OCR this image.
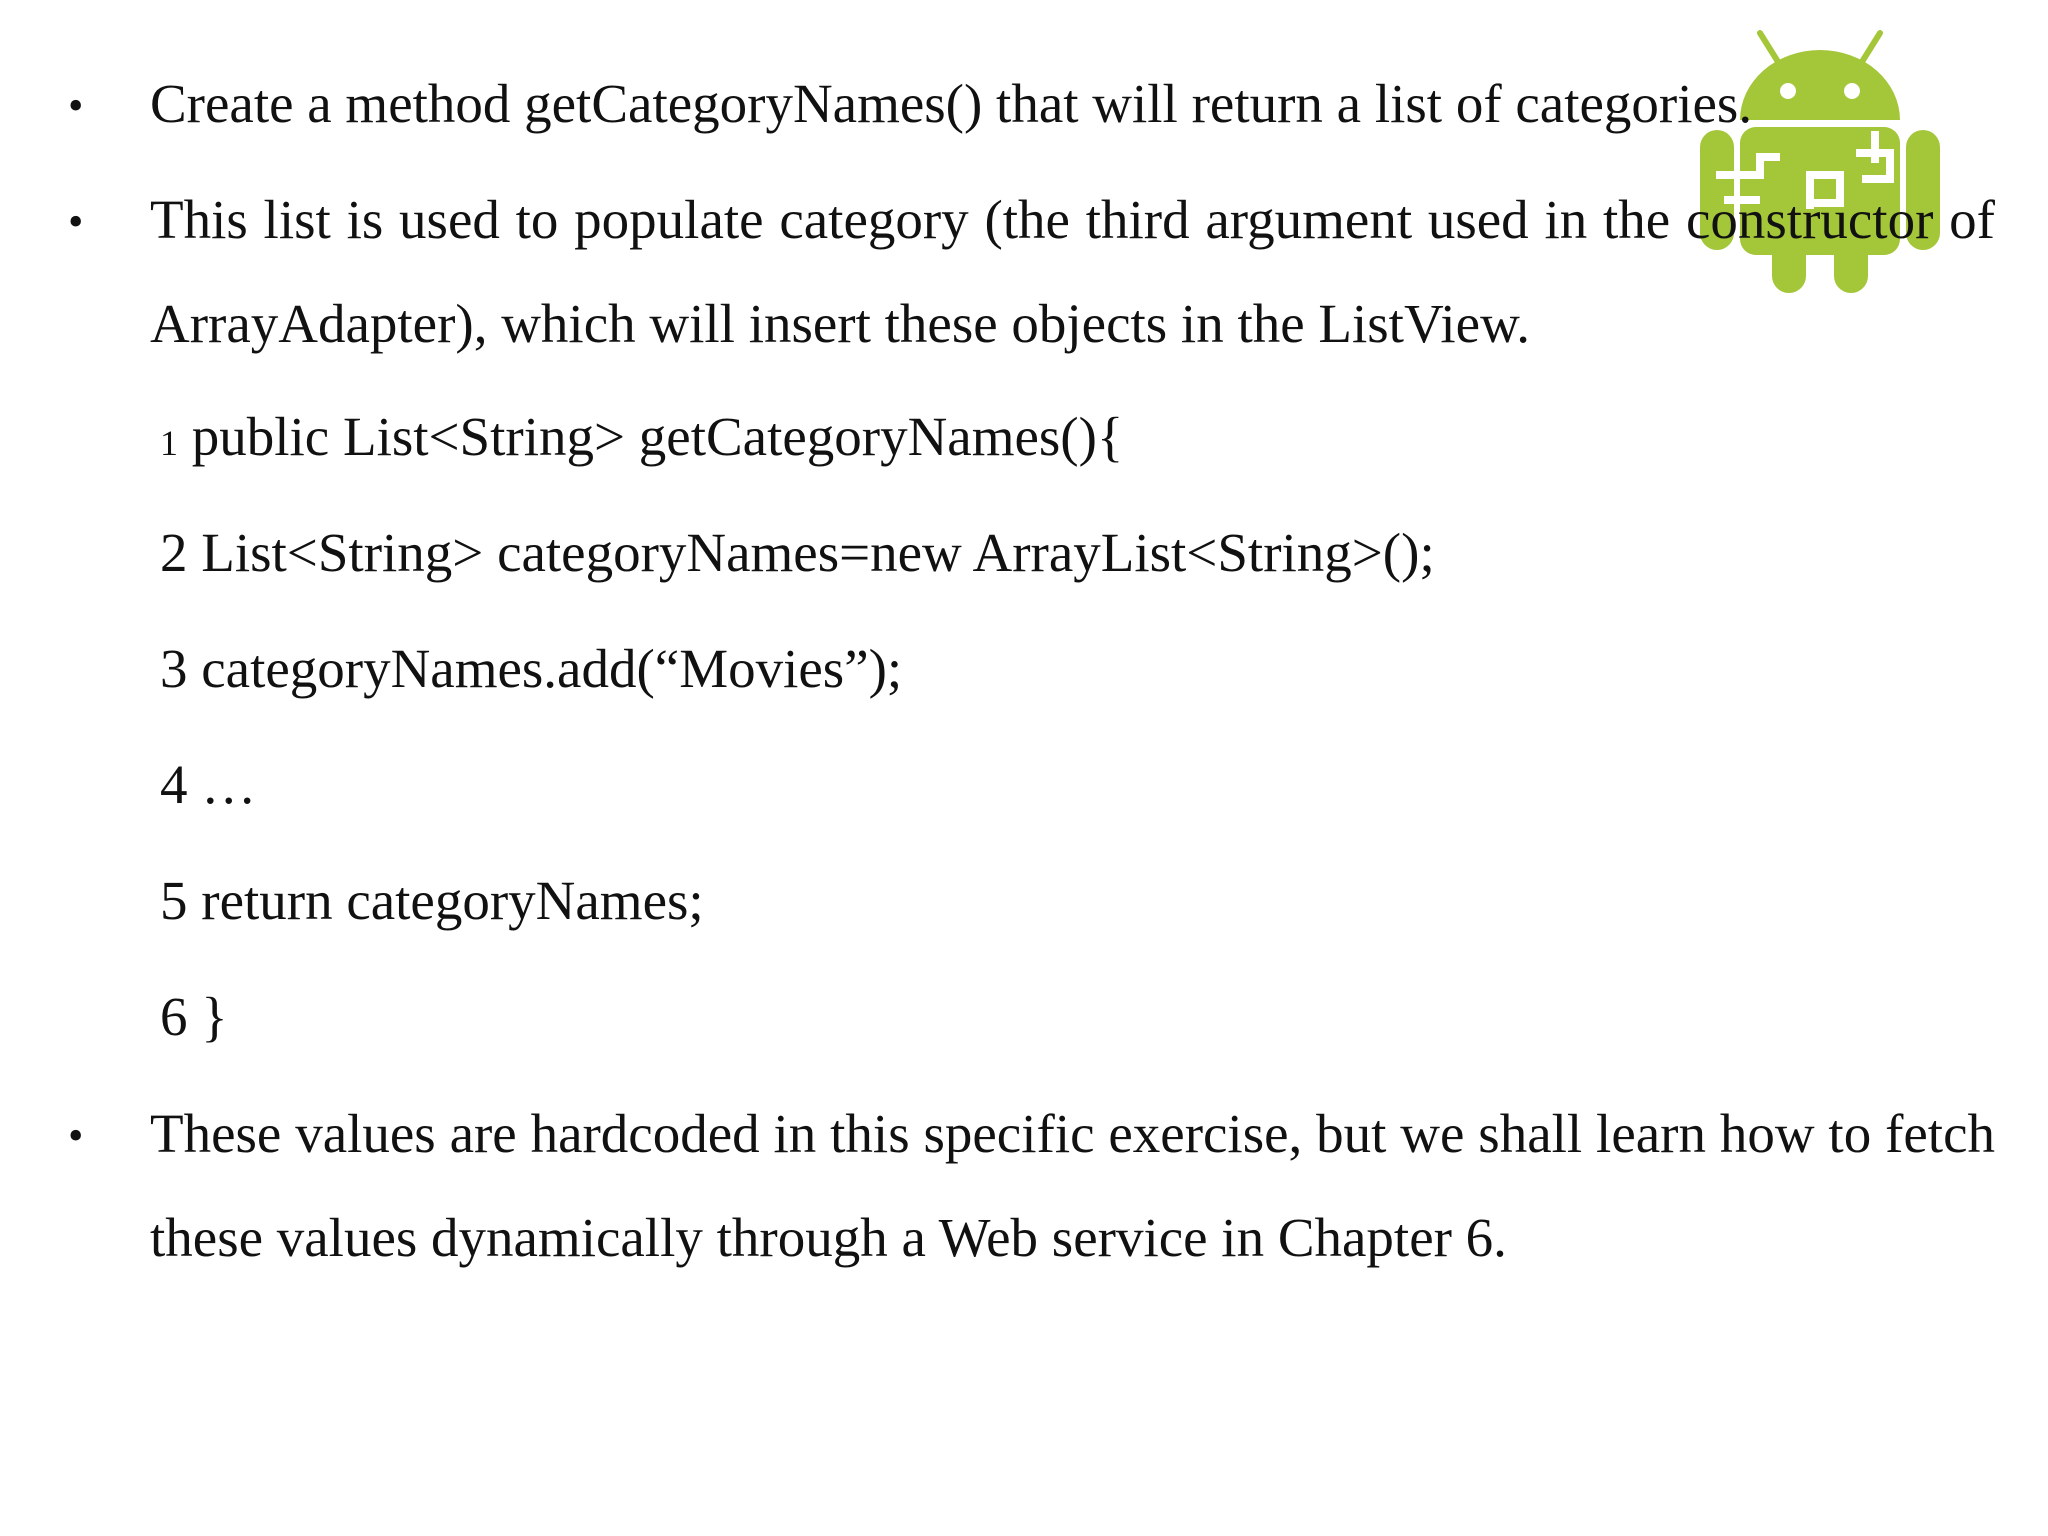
• Create a method getCategoryNames() that will return a list of categories.
• This list is used to populate category (the third argument used in the constructor of ArrayAdapter), which will insert these objects in the ListView.
1 public List<String> getCategoryNames(){
2 List<String> categoryNames=new ArrayList<String>();
3 categoryNames.add(“Movies”);
4 …
5 return categoryNames;
6 }
• These values are hardcoded in this specific exercise, but we shall learn how to fetch these values dynamically through a Web service in Chapter 6.
